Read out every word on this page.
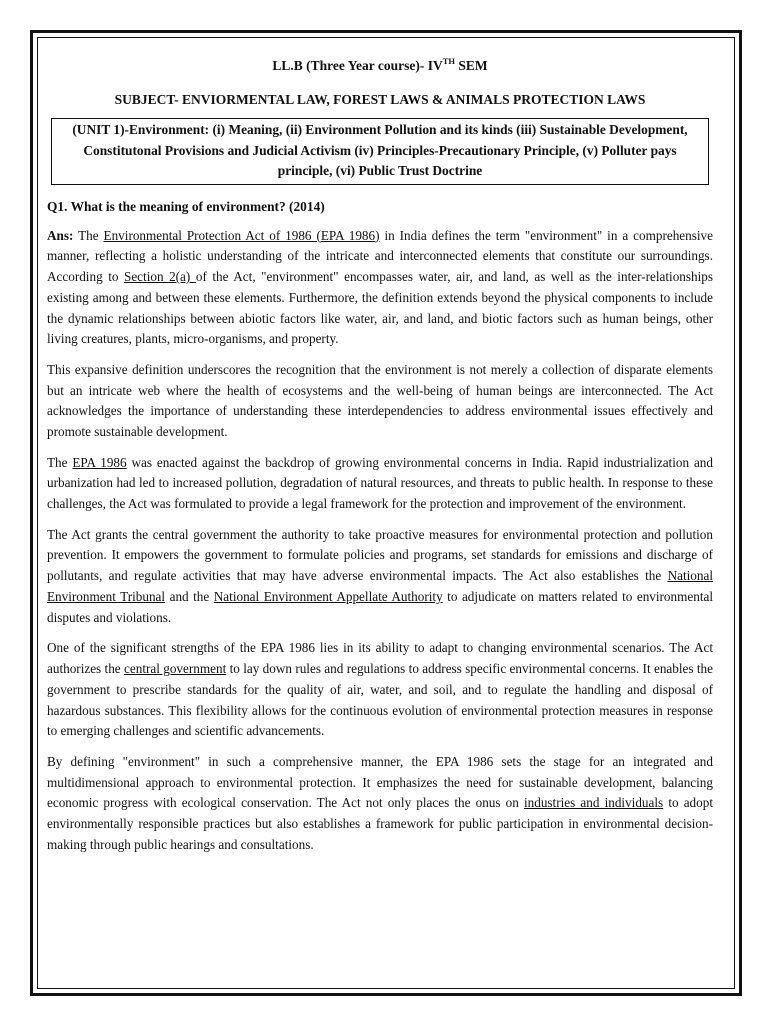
LL.B (Three Year course)- IVTH SEM
SUBJECT- ENVIORMENTAL LAW, FOREST LAWS & ANIMALS PROTECTION LAWS
(UNIT 1)-Environment: (i) Meaning, (ii) Environment Pollution and its kinds (iii) Sustainable Development, Constitutonal Provisions and Judicial Activism (iv) Principles-Precautionary Principle, (v) Polluter pays principle, (vi) Public Trust Doctrine
Q1. What is the meaning of environment? (2014)

Ans: The Environmental Protection Act of 1986 (EPA 1986) in India defines the term "environment" in a comprehensive manner, reflecting a holistic understanding of the intricate and interconnected elements that constitute our surroundings. According to Section 2(a) of the Act, "environment" encompasses water, air, and land, as well as the inter-relationships existing among and between these elements. Furthermore, the definition extends beyond the physical components to include the dynamic relationships between abiotic factors like water, air, and land, and biotic factors such as human beings, other living creatures, plants, micro-organisms, and property.

This expansive definition underscores the recognition that the environment is not merely a collection of disparate elements but an intricate web where the health of ecosystems and the well-being of human beings are interconnected. The Act acknowledges the importance of understanding these interdependencies to address environmental issues effectively and promote sustainable development.

The EPA 1986 was enacted against the backdrop of growing environmental concerns in India. Rapid industrialization and urbanization had led to increased pollution, degradation of natural resources, and threats to public health. In response to these challenges, the Act was formulated to provide a legal framework for the protection and improvement of the environment.

The Act grants the central government the authority to take proactive measures for environmental protection and pollution prevention. It empowers the government to formulate policies and programs, set standards for emissions and discharge of pollutants, and regulate activities that may have adverse environmental impacts. The Act also establishes the National Environment Tribunal and the National Environment Appellate Authority to adjudicate on matters related to environmental disputes and violations.

One of the significant strengths of the EPA 1986 lies in its ability to adapt to changing environmental scenarios. The Act authorizes the central government to lay down rules and regulations to address specific environmental concerns. It enables the government to prescribe standards for the quality of air, water, and soil, and to regulate the handling and disposal of hazardous substances. This flexibility allows for the continuous evolution of environmental protection measures in response to emerging challenges and scientific advancements.

By defining "environment" in such a comprehensive manner, the EPA 1986 sets the stage for an integrated and multidimensional approach to environmental protection. It emphasizes the need for sustainable development, balancing economic progress with ecological conservation. The Act not only places the onus on industries and individuals to adopt environmentally responsible practices but also establishes a framework for public participation in environmental decision-making through public hearings and consultations.
